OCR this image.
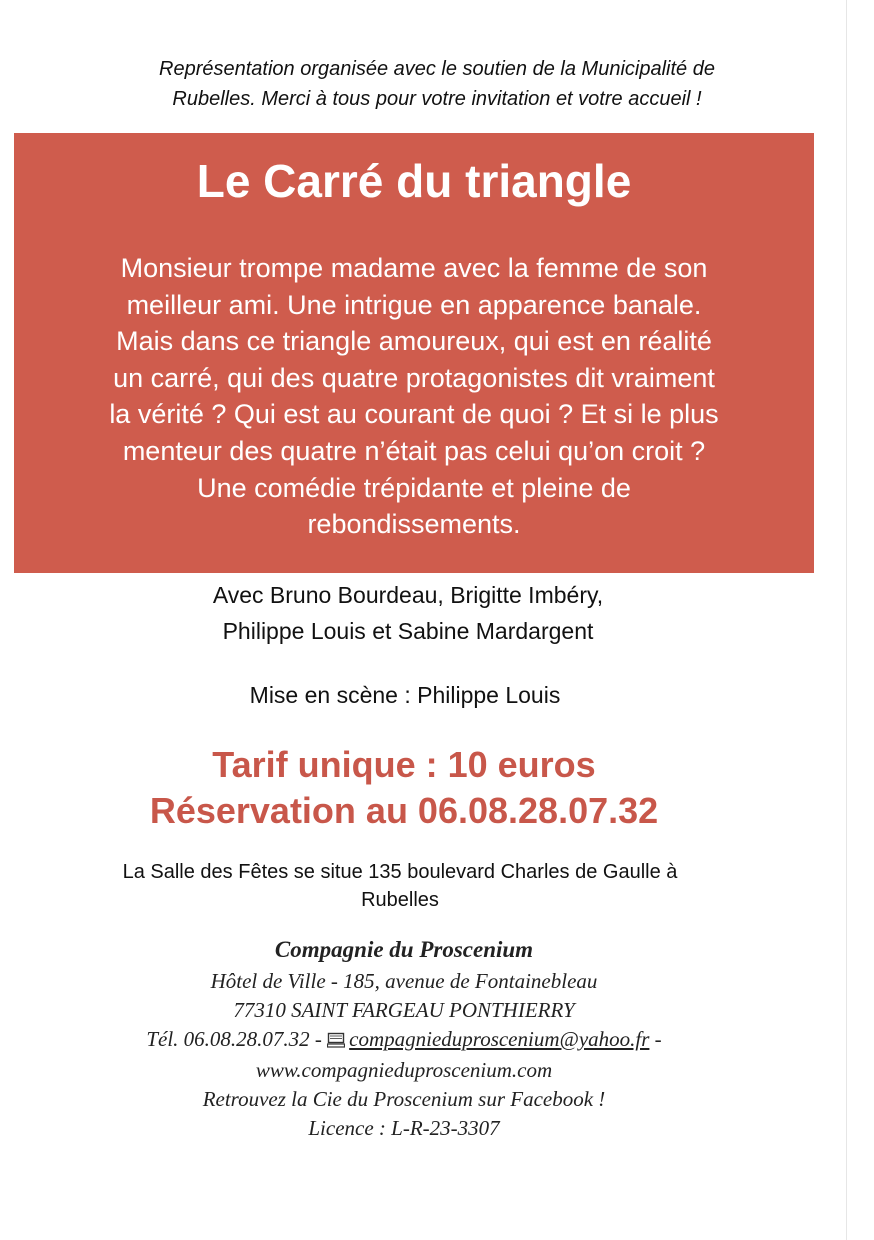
Représentation organisée avec le soutien de la Municipalité de
Rubelles. Merci à tous pour votre invitation et votre accueil !
Le Carré du triangle
Monsieur trompe madame avec la femme de son
meilleur ami. Une intrigue en apparence banale.
Mais dans ce triangle amoureux, qui est en réalité
un carré, qui des quatre protagonistes dit vraiment
la vérité ? Qui est au courant de quoi ? Et si le plus
menteur des quatre n’était pas celui qu’on croit ?
Une comédie trépidante et pleine de
rebondissements.
Avec Bruno Bourdeau, Brigitte Imbéry,
Philippe Louis et Sabine Mardargent
Mise en scène : Philippe Louis
Tarif unique : 10 euros
Réservation au 06.08.28.07.32
La Salle des Fêtes se situe 135 boulevard Charles de Gaulle à
Rubelles
Compagnie du Proscenium
Hôtel de Ville - 185, avenue de Fontainebleau
77310 SAINT FARGEAU PONTHIERRY
Tél. 06.08.28.07.32 - compagnieduproscenium@yahoo.fr -
www.compagnieduproscenium.com
Retrouvez la Cie du Proscenium sur Facebook !
Licence : L-R-23-3307
